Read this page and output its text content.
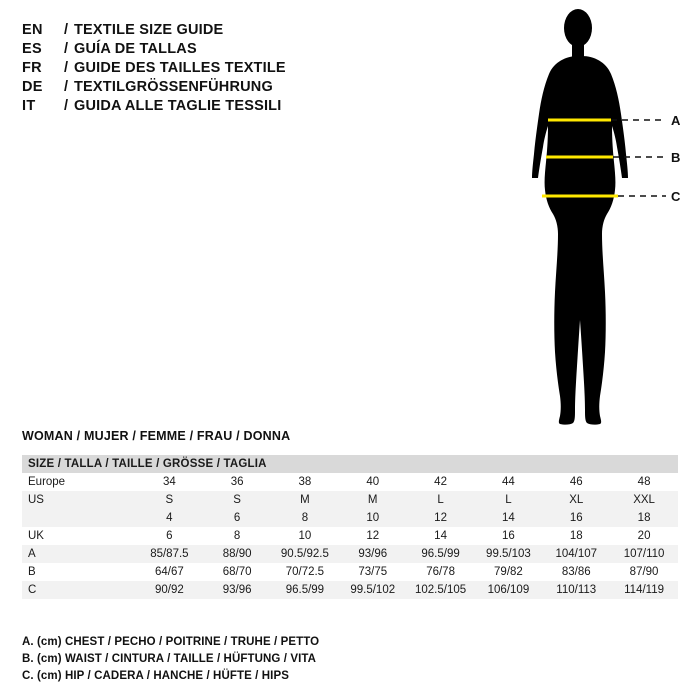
EN	/ TEXTILE SIZE GUIDE
ES	/ GUÍA DE TALLAS
FR	/ GUIDE DES TAILLES TEXTILE
DE	/ TEXTILGRÖSSENFÜHRUNG
IT	/ GUIDA ALLE TAGLIE TESSILI
A
B
C
WOMAN / MUJER / FEMME / FRAU / DONNA
SIZE / TALLA / TAILLE / GRÖSSE / TAGLIA								
Europe	34	36	38	40	42	44	46	48
US	S	S	M	M	L	L	XL	XXL
	4	6	8	10	12	14	16	18
UK	6	8	10	12	14	16	18	20
A	85/87.5	88/90	90.5/92.5	93/96	96.5/99	99.5/103	104/107	107/110
B	64/67	68/70	70/72.5	73/75	76/78	79/82	83/86	87/90
C	90/92	93/96	96.5/99	99.5/102	102.5/105	106/109	110/113	114/119
A. (cm) CHEST / PECHO / POITRINE / TRUHE / PETTO
B. (cm) WAIST / CINTURA / TAILLE / HÜFTUNG / VITA
C. (cm) HIP / CADERA / HANCHE / HÜFTE / HIPS
